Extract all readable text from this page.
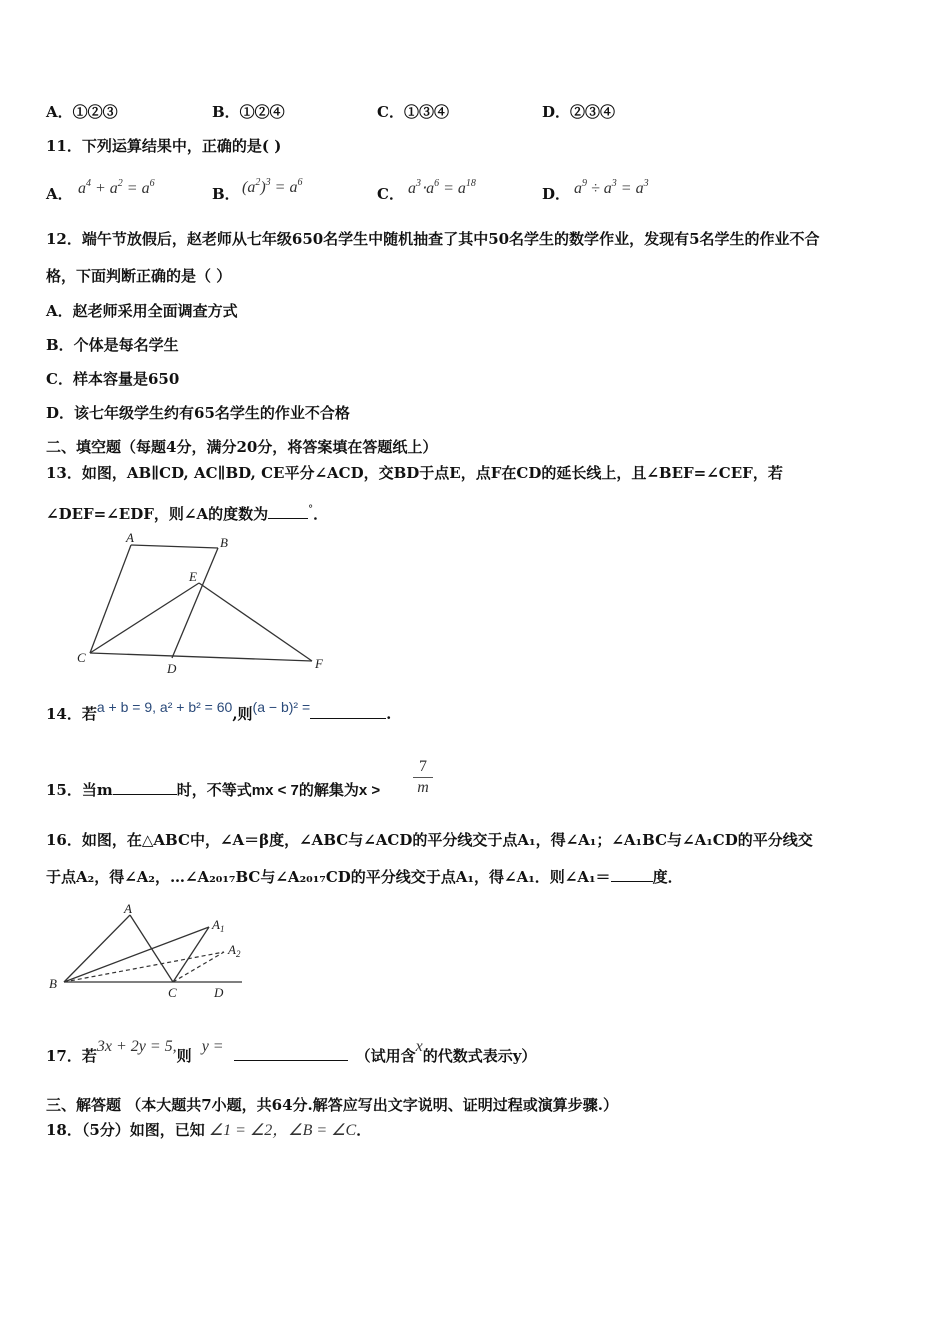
A．①②③	B．①②④	C．①③④	D．②③④
11．下列运算结果中，正确的是( )
A． $a^4 + a^2 = a^6$
B． $(a^2)^3 = a^6$
C． $a^3\cdot a^6 = a^{18}$
D． $a^9 \div a^3 = a^3$
12．端午节放假后，赵老师从七年级650名学生中随机抽查了其中50名学生的数学作业，发现有5名学生的作业不合
格，下面判断正确的是（ ）
A．赵老师采用全面调查方式
B．个体是每名学生
C．样本容量是650
D．该七年级学生约有65名学生的作业不合格
二、填空题（每题4分，满分20分，将答案填在答题纸上）
13．如图，AB∥CD, AC∥BD, CE平分∠ACD，交BD于点E，点F在CD的延长线上，且∠BEF=∠CEF，若
∠DEF=∠EDF，则∠A的度数为	°．
A	B
E
C
D	F
14．若a + b = 9, a² + b² = 60,则(a − b)² =	.
15．当m	时，不等式mx < 7的解集为x >
7
m
16．如图，在△ABC中，∠A＝β度，∠ABC与∠ACD的平分线交于点A₁，得∠A₁；∠A₁BC与∠A₁CD的平分线交
于点A₂，得∠A₂，…∠A₂₀₁₇BC与∠A₂₀₁₇CD的平分线交于点A₁，得∠A₁．则∠A₁＝	度．
A
$A_1$
$A_2$
B
C	D
17．若3x + 2y = 5,则y =（试用含x的代数式表示y）
三、解答题 （本大题共7小题，共64分.解答应写出文字说明、证明过程或演算步骤.）
18．（5分）如图，已知 ∠1 = ∠2，∠B = ∠C．
